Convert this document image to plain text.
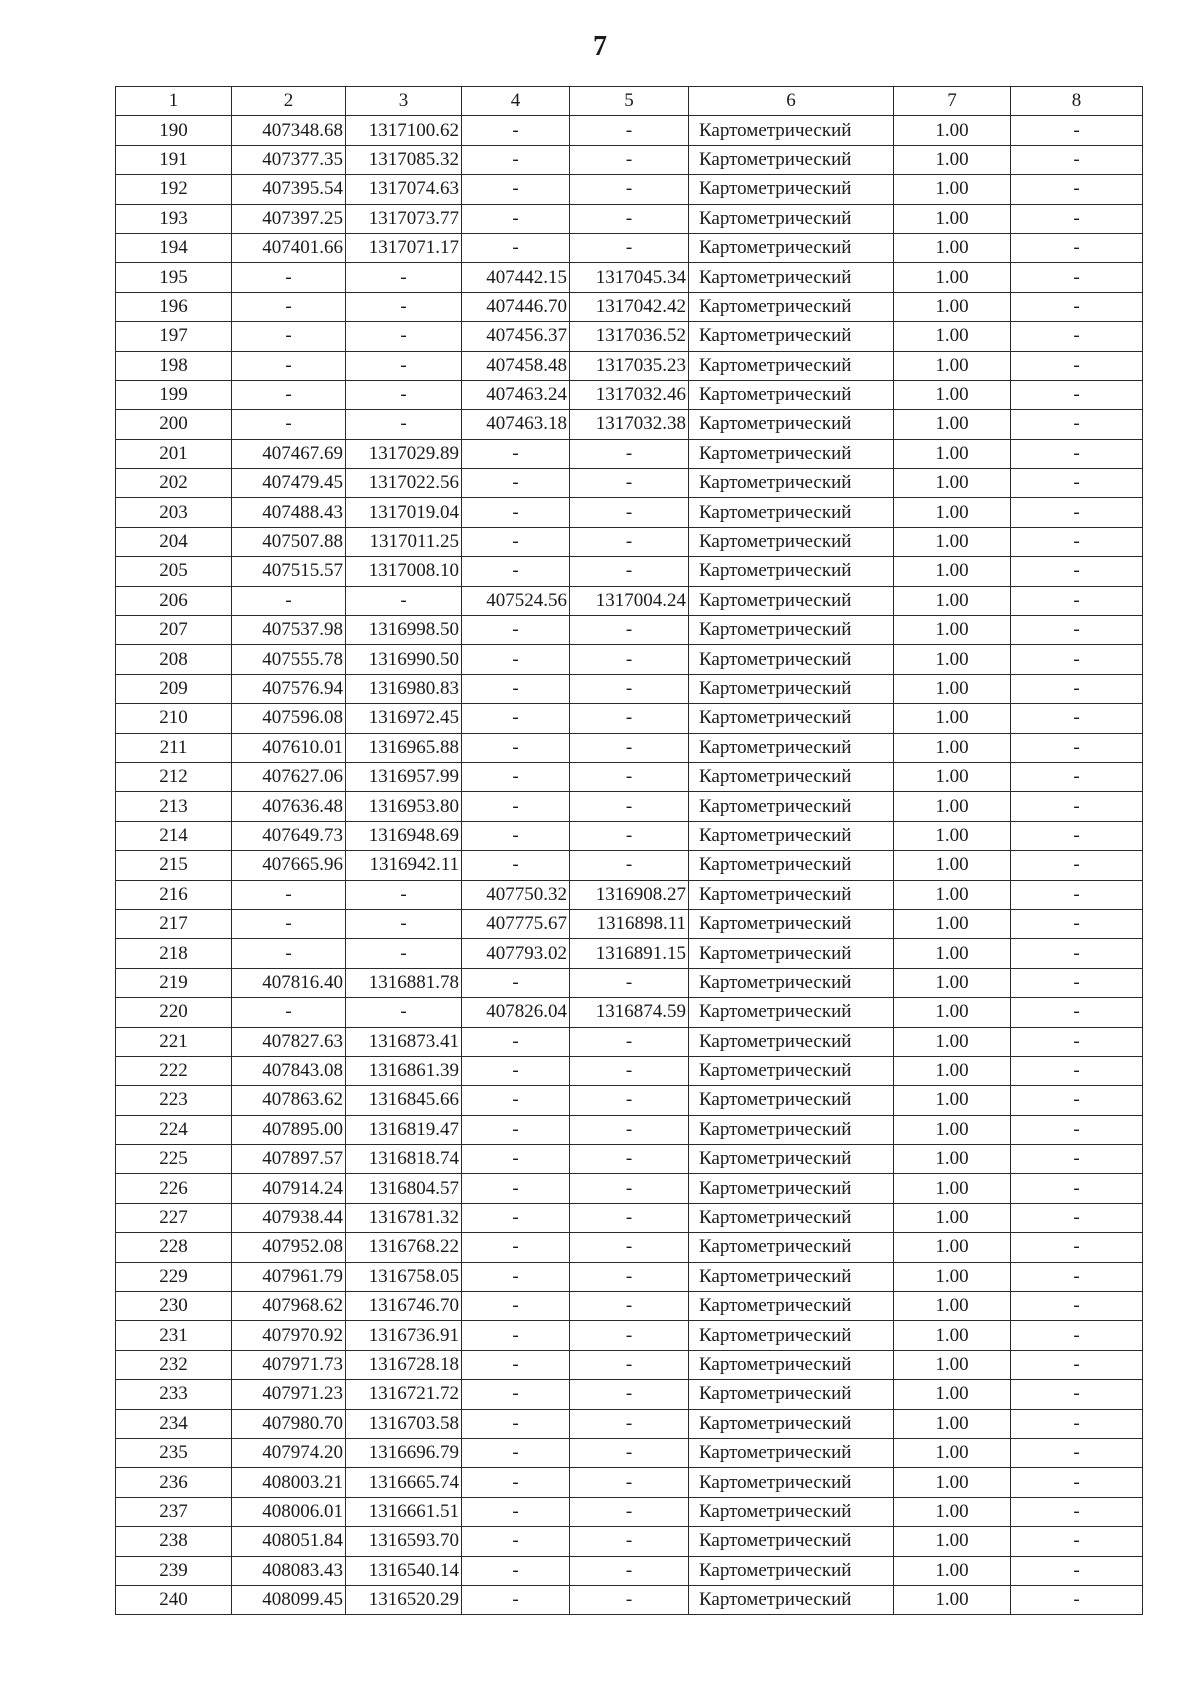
7
1	2	3	4	5	6	7	8
190	407348.68	1317100.62	-	-	Картометрический	1.00	-
191	407377.35	1317085.32	-	-	Картометрический	1.00	-
192	407395.54	1317074.63	-	-	Картометрический	1.00	-
193	407397.25	1317073.77	-	-	Картометрический	1.00	-
194	407401.66	1317071.17	-	-	Картометрический	1.00	-
195	-	-	407442.15	1317045.34	Картометрический	1.00	-
196	-	-	407446.70	1317042.42	Картометрический	1.00	-
197	-	-	407456.37	1317036.52	Картометрический	1.00	-
198	-	-	407458.48	1317035.23	Картометрический	1.00	-
199	-	-	407463.24	1317032.46	Картометрический	1.00	-
200	-	-	407463.18	1317032.38	Картометрический	1.00	-
201	407467.69	1317029.89	-	-	Картометрический	1.00	-
202	407479.45	1317022.56	-	-	Картометрический	1.00	-
203	407488.43	1317019.04	-	-	Картометрический	1.00	-
204	407507.88	1317011.25	-	-	Картометрический	1.00	-
205	407515.57	1317008.10	-	-	Картометрический	1.00	-
206	-	-	407524.56	1317004.24	Картометрический	1.00	-
207	407537.98	1316998.50	-	-	Картометрический	1.00	-
208	407555.78	1316990.50	-	-	Картометрический	1.00	-
209	407576.94	1316980.83	-	-	Картометрический	1.00	-
210	407596.08	1316972.45	-	-	Картометрический	1.00	-
211	407610.01	1316965.88	-	-	Картометрический	1.00	-
212	407627.06	1316957.99	-	-	Картометрический	1.00	-
213	407636.48	1316953.80	-	-	Картометрический	1.00	-
214	407649.73	1316948.69	-	-	Картометрический	1.00	-
215	407665.96	1316942.11	-	-	Картометрический	1.00	-
216	-	-	407750.32	1316908.27	Картометрический	1.00	-
217	-	-	407775.67	1316898.11	Картометрический	1.00	-
218	-	-	407793.02	1316891.15	Картометрический	1.00	-
219	407816.40	1316881.78	-	-	Картометрический	1.00	-
220	-	-	407826.04	1316874.59	Картометрический	1.00	-
221	407827.63	1316873.41	-	-	Картометрический	1.00	-
222	407843.08	1316861.39	-	-	Картометрический	1.00	-
223	407863.62	1316845.66	-	-	Картометрический	1.00	-
224	407895.00	1316819.47	-	-	Картометрический	1.00	-
225	407897.57	1316818.74	-	-	Картометрический	1.00	-
226	407914.24	1316804.57	-	-	Картометрический	1.00	-
227	407938.44	1316781.32	-	-	Картометрический	1.00	-
228	407952.08	1316768.22	-	-	Картометрический	1.00	-
229	407961.79	1316758.05	-	-	Картометрический	1.00	-
230	407968.62	1316746.70	-	-	Картометрический	1.00	-
231	407970.92	1316736.91	-	-	Картометрический	1.00	-
232	407971.73	1316728.18	-	-	Картометрический	1.00	-
233	407971.23	1316721.72	-	-	Картометрический	1.00	-
234	407980.70	1316703.58	-	-	Картометрический	1.00	-
235	407974.20	1316696.79	-	-	Картометрический	1.00	-
236	408003.21	1316665.74	-	-	Картометрический	1.00	-
237	408006.01	1316661.51	-	-	Картометрический	1.00	-
238	408051.84	1316593.70	-	-	Картометрический	1.00	-
239	408083.43	1316540.14	-	-	Картометрический	1.00	-
240	408099.45	1316520.29	-	-	Картометрический	1.00	-
